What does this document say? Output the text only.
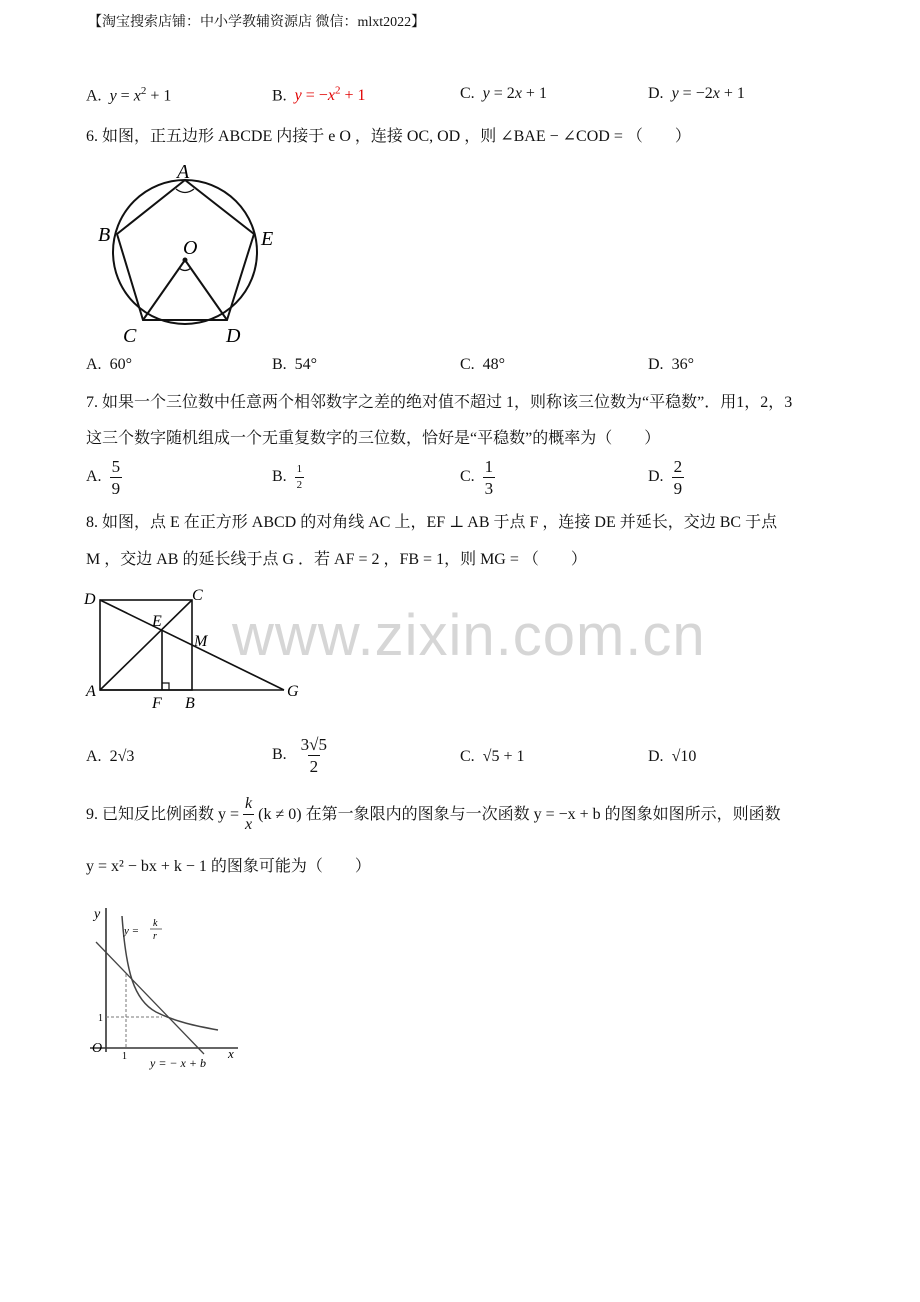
【淘宝搜索店铺：中小学教辅资源店 微信：mlxt2022】
A. $y = x^2 + 1$	B. $y = -x^2 + 1$	C. y = 2x + 1	D. y = −2x + 1
6. 如图，正五边形 ABCDE 内接于 e O ，连接 OC, OD ，则 ∠BAE − ∠COD = （　　）
A
B	E
O
C	D
A. 60°	B. 54°	C. 48°	D. 36°
7. 如果一个三位数中任意两个相邻数字之差的绝对值不超过 1，则称该三位数为“平稳数”．用1，2，3
这三个数字随机组成一个无重复数字的三位数，恰好是“平稳数”的概率为（　　）
A. $\frac{5}{9}$	B. $\frac{1}{2}$	C. $\frac{1}{3}$	D. $\frac{2}{9}$
8. 如图，点 E 在正方形 ABCD 的对角线 AC 上，EF ⊥ AB 于点 F ，连接 DE 并延长，交边 BC 于点
M ，交边 AB 的延长线于点 G ．若 AF = 2 ，FB = 1，则 MG = （　　）
D	C
E
M
A
F B
G
www.zixin.com.cn
A. 2√3	B. $\frac{3√5}{2}$	C. √5 + 1	D. √10
9. 已知反比例函数 $y = \frac{k}{x} (k \ne 0)$ 在第一象限内的图象与一次函数 y = −x + b 的图象如图所示，则函数
y = x² − bx + k − 1 的图象可能为（　　）
y
x
O
1
1
y =
k
r
y = − x + b
